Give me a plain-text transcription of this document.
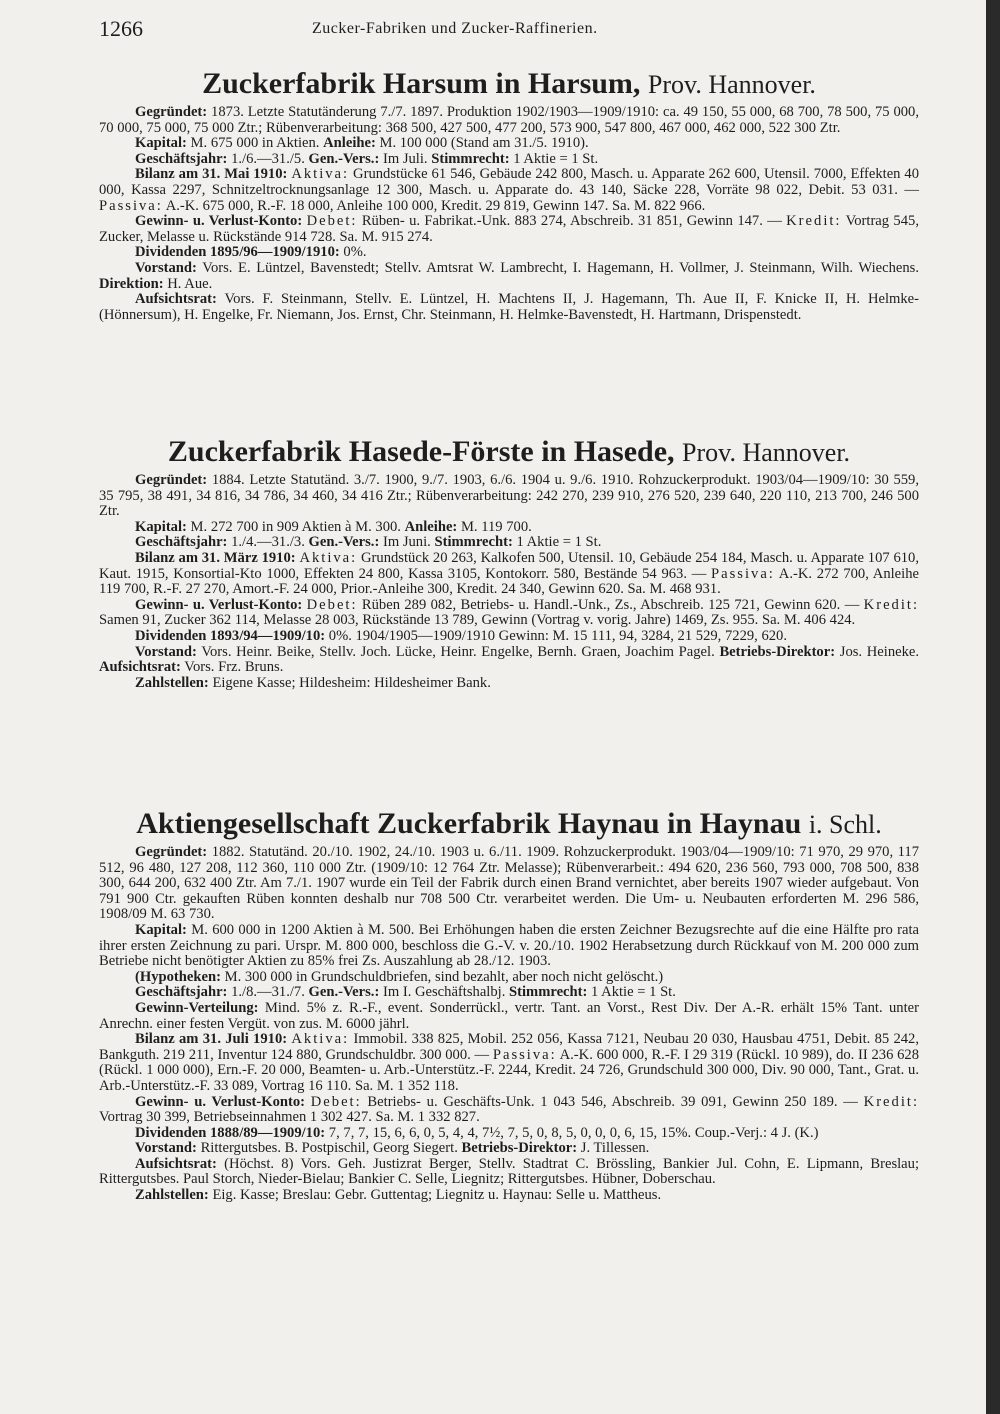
1266	Zucker-Fabriken und Zucker-Raffinerien.
Zuckerfabrik Harsum in Harsum, Prov. Hannover.

Gegründet: 1873. Letzte Statutänderung 7./7. 1897. Produktion 1902/1903—1909/1910: ca. 49 150, 55 000, 68 700, 78 500, 75 000, 70 000, 75 000, 75 000 Ztr.; Rübenverarbeitung: 368 500, 427 500, 477 200, 573 900, 547 800, 467 000, 462 000, 522 300 Ztr.

Kapital: M. 675 000 in Aktien. Anleihe: M. 100 000 (Stand am 31./5. 1910).

Geschäftsjahr: 1./6.—31./5. Gen.-Vers.: Im Juli. Stimmrecht: 1 Aktie = 1 St.

Bilanz am 31. Mai 1910: Aktiva: Grundstücke 61 546, Gebäude 242 800, Masch. u. Apparate 262 600, Utensil. 7000, Effekten 40 000, Kassa 2297, Schnitzeltrocknungsanlage 12 300, Masch. u. Apparate do. 43 140, Säcke 228, Vorräte 98 022, Debit. 53 031. — Passiva: A.-K. 675 000, R.-F. 18 000, Anleihe 100 000, Kredit. 29 819, Gewinn 147. Sa. M. 822 966.

Gewinn- u. Verlust-Konto: Debet: Rüben- u. Fabrikat.-Unk. 883 274, Abschreib. 31 851, Gewinn 147. — Kredit: Vortrag 545, Zucker, Melasse u. Rückstände 914 728. Sa. M. 915 274.

Dividenden 1895/96—1909/1910: 0%.

Vorstand: Vors. E. Lüntzel, Bavenstedt; Stellv. Amtsrat W. Lambrecht, I. Hagemann, H. Vollmer, J. Steinmann, Wilh. Wiechens. Direktion: H. Aue.

Aufsichtsrat: Vors. F. Steinmann, Stellv. E. Lüntzel, H. Machtens II, J. Hagemann, Th. Aue II, F. Knicke II, H. Helmke-(Hönnersum), H. Engelke, Fr. Niemann, Jos. Ernst, Chr. Steinmann, H. Helmke-Bavenstedt, H. Hartmann, Drispenstedt.

Zuckerfabrik Hasede-Förste in Hasede, Prov. Hannover.

Gegründet: 1884. Letzte Statutänd. 3./7. 1900, 9./7. 1903, 6./6. 1904 u. 9./6. 1910. Rohzuckerprodukt. 1903/04—1909/10: 30 559, 35 795, 38 491, 34 816, 34 786, 34 460, 34 416 Ztr.; Rübenverarbeitung: 242 270, 239 910, 276 520, 239 640, 220 110, 213 700, 246 500 Ztr.

Kapital: M. 272 700 in 909 Aktien à M. 300. Anleihe: M. 119 700.

Geschäftsjahr: 1./4.—31./3. Gen.-Vers.: Im Juni. Stimmrecht: 1 Aktie = 1 St.

Bilanz am 31. März 1910: Aktiva: Grundstück 20 263, Kalkofen 500, Utensil. 10, Gebäude 254 184, Masch. u. Apparate 107 610, Kaut. 1915, Konsortial-Kto 1000, Effekten 24 800, Kassa 3105, Kontokorr. 580, Bestände 54 963. — Passiva: A.-K. 272 700, Anleihe 119 700, R.-F. 27 270, Amort.-F. 24 000, Prior.-Anleihe 300, Kredit. 24 340, Gewinn 620. Sa. M. 468 931.

Gewinn- u. Verlust-Konto: Debet: Rüben 289 082, Betriebs- u. Handl.-Unk., Zs., Abschreib. 125 721, Gewinn 620. — Kredit: Samen 91, Zucker 362 114, Melasse 28 003, Rückstände 13 789, Gewinn (Vortrag v. vorig. Jahre) 1469, Zs. 955. Sa. M. 406 424.

Dividenden 1893/94—1909/10: 0%. 1904/1905—1909/1910 Gewinn: M. 15 111, 94, 3284, 21 529, 7229, 620.

Vorstand: Vors. Heinr. Beike, Stellv. Joch. Lücke, Heinr. Engelke, Bernh. Graen, Joachim Pagel. Betriebs-Direktor: Jos. Heineke. Aufsichtsrat: Vors. Frz. Bruns.

Zahlstellen: Eigene Kasse; Hildesheim: Hildesheimer Bank.

Aktiengesellschaft Zuckerfabrik Haynau in Haynau i. Schl.

Gegründet: 1882. Statutänd. 20./10. 1902, 24./10. 1903 u. 6./11. 1909. Rohzuckerprodukt. 1903/04—1909/10: 71 970, 29 970, 117 512, 96 480, 127 208, 112 360, 110 000 Ztr. (1909/10: 12 764 Ztr. Melasse); Rübenverarbeit.: 494 620, 236 560, 793 000, 708 500, 838 300, 644 200, 632 400 Ztr. Am 7./1. 1907 wurde ein Teil der Fabrik durch einen Brand vernichtet, aber bereits 1907 wieder aufgebaut. Von 791 900 Ctr. gekauften Rüben konnten deshalb nur 708 500 Ctr. verarbeitet werden. Die Um- u. Neubauten erforderten M. 296 586, 1908/09 M. 63 730.

Kapital: M. 600 000 in 1200 Aktien à M. 500. Bei Erhöhungen haben die ersten Zeichner Bezugsrechte auf die eine Hälfte pro rata ihrer ersten Zeichnung zu pari. Urspr. M. 800 000, beschloss die G.-V. v. 20./10. 1902 Herabsetzung durch Rückkauf von M. 200 000 zum Betriebe nicht benötigter Aktien zu 85% frei Zs. Auszahlung ab 28./12. 1903.

(Hypotheken: M. 300 000 in Grundschuldbriefen, sind bezahlt, aber noch nicht gelöscht.)

Geschäftsjahr: 1./8.—31./7. Gen.-Vers.: Im I. Geschäftshalbj. Stimmrecht: 1 Aktie = 1 St.

Gewinn-Verteilung: Mind. 5% z. R.-F., event. Sonderrückl., vertr. Tant. an Vorst., Rest Div. Der A.-R. erhält 15% Tant. unter Anrechn. einer festen Vergüt. von zus. M. 6000 jährl.

Bilanz am 31. Juli 1910: Aktiva: Immobil. 338 825, Mobil. 252 056, Kassa 7121, Neubau 20 030, Hausbau 4751, Debit. 85 242, Bankguth. 219 211, Inventur 124 880, Grundschuldbr. 300 000. — Passiva: A.-K. 600 000, R.-F. I 29 319 (Rückl. 10 989), do. II 236 628 (Rückl. 1 000 000), Ern.-F. 20 000, Beamten- u. Arb.-Unterstütz.-F. 2244, Kredit. 24 726, Grundschuld 300 000, Div. 90 000, Tant., Grat. u. Arb.-Unterstütz.-F. 33 089, Vortrag 16 110. Sa. M. 1 352 118.

Gewinn- u. Verlust-Konto: Debet: Betriebs- u. Geschäfts-Unk. 1 043 546, Abschreib. 39 091, Gewinn 250 189. — Kredit: Vortrag 30 399, Betriebseinnahmen 1 302 427. Sa. M. 1 332 827.

Dividenden 1888/89—1909/10: 7, 7, 7, 15, 6, 6, 0, 5, 4, 4, 7½, 7, 5, 0, 8, 5, 0, 0, 0, 6, 15, 15%. Coup.-Verj.: 4 J. (K.)

Vorstand: Rittergutsbes. B. Postpischil, Georg Siegert. Betriebs-Direktor: J. Tillessen.

Aufsichtsrat: (Höchst. 8) Vors. Geh. Justizrat Berger, Stellv. Stadtrat C. Brössling, Bankier Jul. Cohn, E. Lipmann, Breslau; Rittergutsbes. Paul Storch, Nieder-Bielau; Bankier C. Selle, Liegnitz; Rittergutsbes. Hübner, Doberschau.

Zahlstellen: Eig. Kasse; Breslau: Gebr. Guttentag; Liegnitz u. Haynau: Selle u. Mattheus.
